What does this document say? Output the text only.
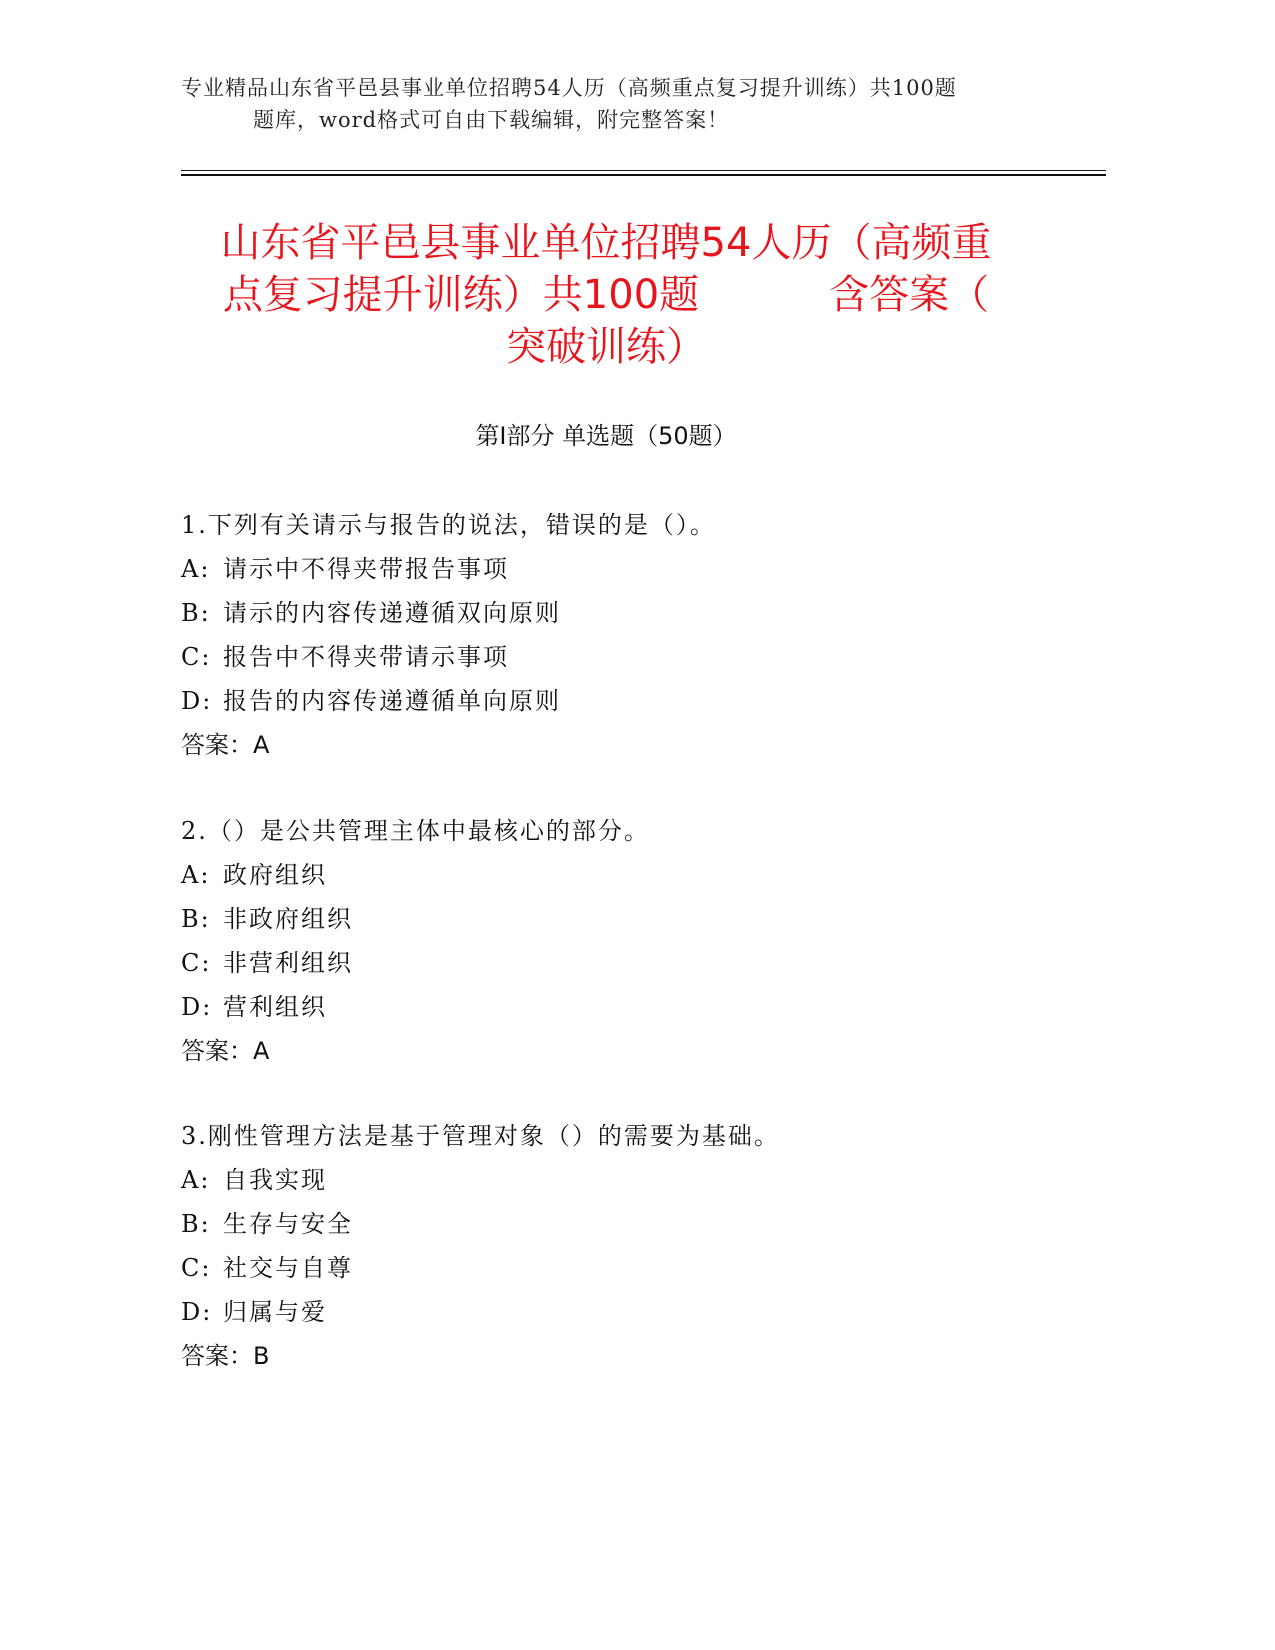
专业精品山东省平邑县事业单位招聘54人历（高频重点复习提升训练）共100题
题库，word格式可自由下载编辑，附完整答案！
山东省平邑县事业单位招聘54人历（高频重
点复习提升训练）共100题	含答案（
突破训练）
第Ⅰ部分 单选题（50题）
1.下列有关请示与报告的说法，错误的是（）。
A: 请示中不得夹带报告事项
B: 请示的内容传递遵循双向原则
C: 报告中不得夹带请示事项
D: 报告的内容传递遵循单向原则
答案：A
2.（）是公共管理主体中最核心的部分。
A: 政府组织
B: 非政府组织
C: 非营利组织
D: 营利组织
答案：A
3.刚性管理方法是基于管理对象（）的需要为基础。
A: 自我实现
B: 生存与安全
C: 社交与自尊
D: 归属与爱
答案：B
